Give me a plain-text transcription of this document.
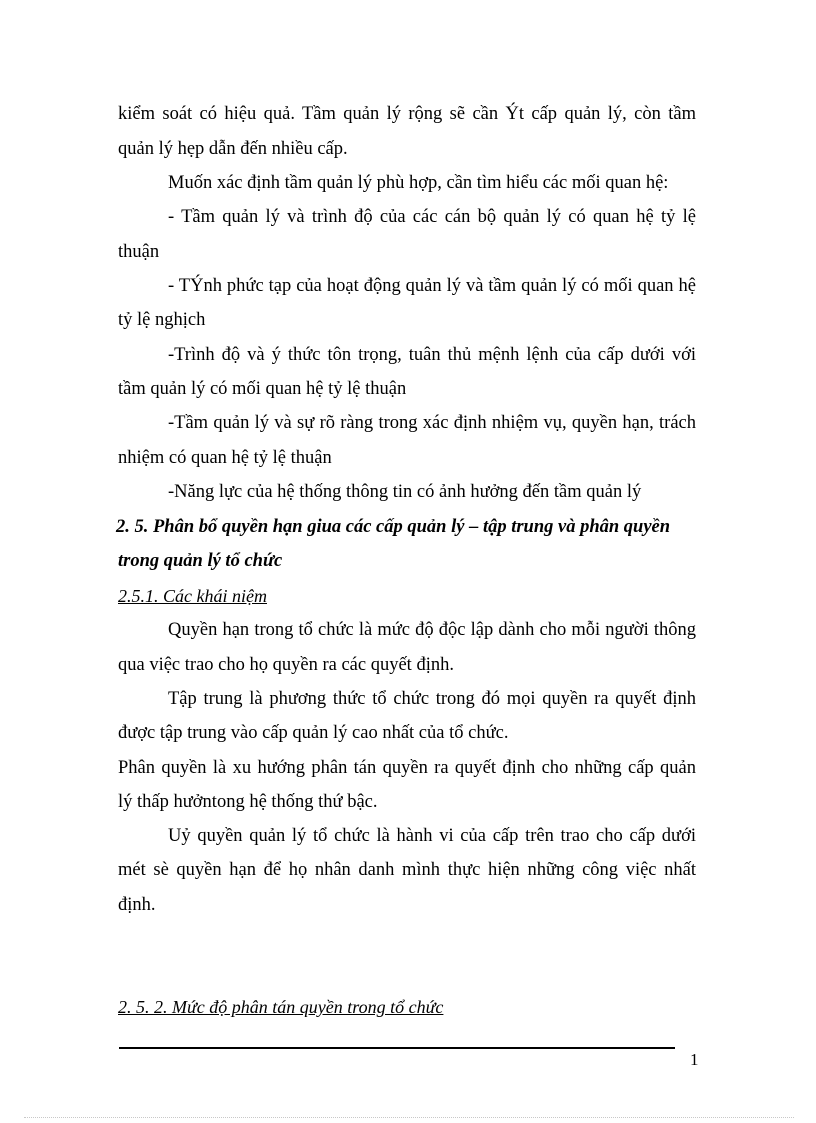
kiểm soát có hiệu quả. Tầm quản lý rộng sẽ cần Ýt cấp quản lý, còn tầm

quản lý hẹp dẫn đến nhiều cấp.

Muốn xác định tầm quản lý phù hợp, cần tìm hiểu các mối quan hệ:

- Tầm quản lý và trình độ của các cán bộ quản lý có quan hệ tỷ lệ

thuận

- TÝnh phức tạp của hoạt động quản lý và tầm quản lý có mối quan hệ

tỷ lệ nghịch

-Trình độ và ý thức tôn trọng, tuân thủ mệnh lệnh của cấp dưới với

tầm quản lý có mối quan hệ tỷ lệ thuận

-Tầm quản lý và sự rõ ràng trong xác định nhiệm vụ, quyền hạn, trách

nhiệm có quan hệ tỷ lệ thuận

-Năng lực của hệ thống thông tin có ảnh hưởng đến tầm quản lý

2. 5. Phân bổ quyền hạn giua các cấp quản lý – tập trung và phân quyền

trong quản lý tổ chức

2.5.1. Các khái niệm

Quyền hạn trong tổ chức là mức độ độc lập dành cho mỗi người thông

qua việc trao cho họ quyền ra các quyết định.

Tập trung là phương thức tổ chức trong đó mọi quyền ra quyết định

được tập trung vào cấp quản lý cao nhất của tổ chức.

Phân quyền là xu hướng phân tán quyền ra quyết định cho những cấp quản

lý thấp hưởntong hệ thống thứ bậc.

Uỷ quyền quản lý tổ chức là hành vi của cấp trên trao cho cấp dưới

mét sè quyền hạn để họ nhân danh mình thực hiện những công việc nhất

định.

2. 5. 2. Mức độ phân tán quyền trong tổ chức

1
